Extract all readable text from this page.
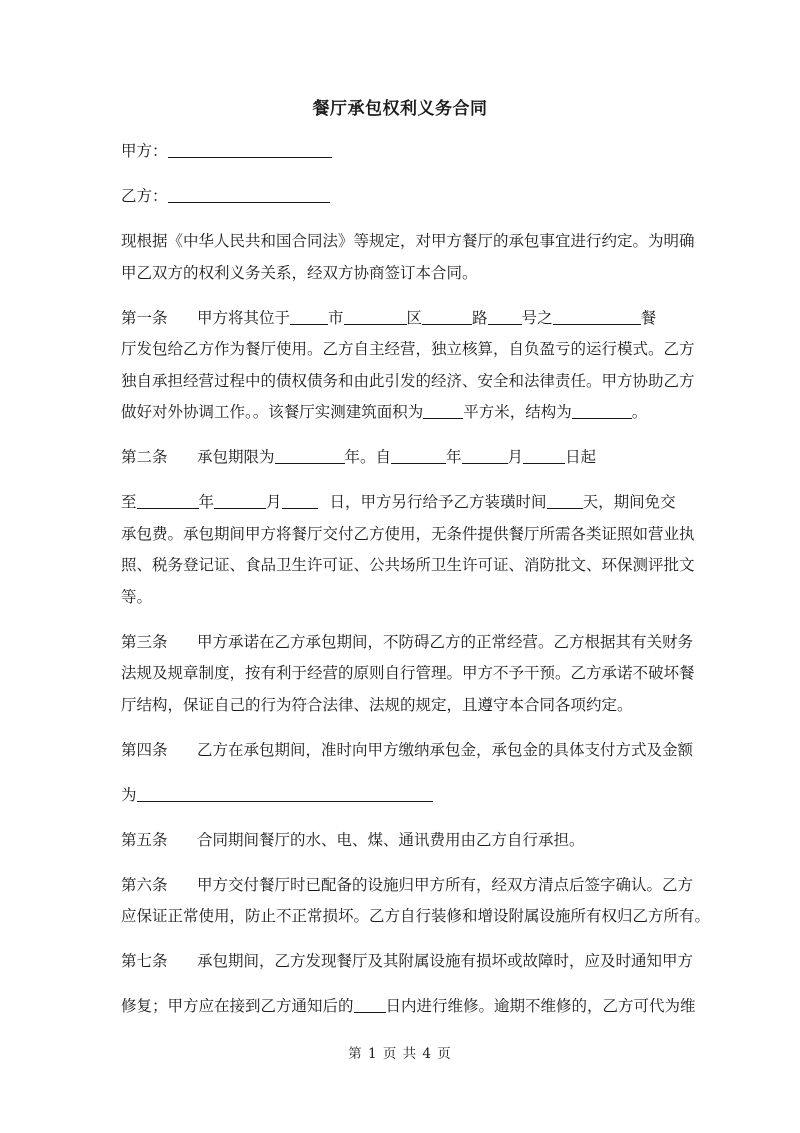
餐厅承包权利义务合同
甲方：
乙方：
现根据《中华人民共和国合同法》等规定，对甲方餐厅的承包事宜进行约定。为明确
甲乙双方的权利义务关系，经双方协商签订本合同。
第一条 甲方将其位于 市	区	路 号之	餐
厅发包给乙方作为餐厅使用。乙方自主经营，独立核算，自负盈亏的运行模式。乙方
独自承担经营过程中的债权债务和由此引发的经济、安全和法律责任。甲方协助乙方
做好对外协调工作。。该餐厅实测建筑面积为	平方米，结构为	。
第二条 承包期限为	年。自	年	月	日起
至	年	月	日，甲方另行给予乙方装璜时间 天，期间免交
承包费。承包期间甲方将餐厅交付乙方使用，无条件提供餐厅所需各类证照如营业执
照、税务登记证、食品卫生许可证、公共场所卫生许可证、消防批文、环保测评批文
等。
第三条 甲方承诺在乙方承包期间，不防碍乙方的正常经营。乙方根据其有关财务
法规及规章制度，按有利于经营的原则自行管理。甲方不予干预。乙方承诺不破坏餐
厅结构，保证自己的行为符合法律、法规的规定，且遵守本合同各项约定。
第四条 乙方在承包期间，准时向甲方缴纳承包金，承包金的具体支付方式及金额
为
第五条 合同期间餐厅的水、电、煤、通讯费用由乙方自行承担。
第六条 甲方交付餐厅时已配备的设施归甲方所有，经双方清点后签字确认。乙方
应保证正常使用，防止不正常损坏。乙方自行装修和增设附属设施所有权归乙方所有。
第七条 承包期间，乙方发现餐厅及其附属设施有损坏或故障时，应及时通知甲方
修复；甲方应在接到乙方通知后的 日内进行维修。逾期不维修的，乙方可代为维
第 1 页 共 4 页
